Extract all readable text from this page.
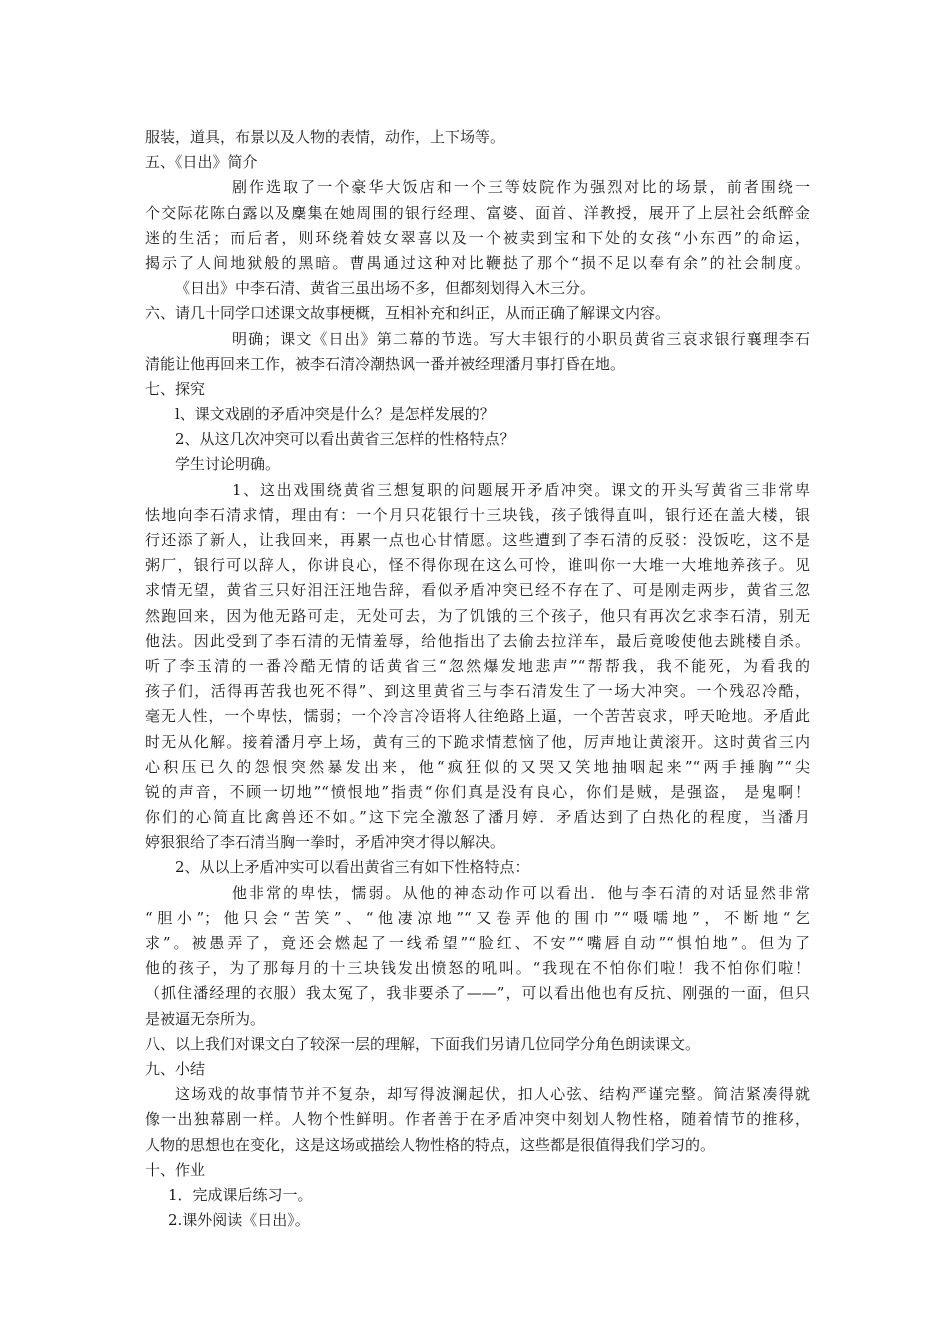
服装，道具，布景以及人物的表情，动作，上下场等。
五、《日出》简介
剧作选取了一个豪华大饭店和一个三等妓院作为强烈对比的场景，前者围绕一
个交际花陈白露以及麇集在她周围的银行经理、富婆、面首、洋教授，展开了上层社会纸醉金
迷的生活；而后者，则环绕着妓女翠喜以及一个被卖到宝和下处的女孩“小东西”的命运，
揭示了人间地狱般的黑暗。曹禺通过这种对比鞭挞了那个“损不足以奉有余”的社会制度。
《日出》中李石清、黄省三虽出场不多，但都刻划得入木三分。
六、请几十同学口述课文故事梗概，互相补充和纠正，从而正确了解课文内容。
明确；课文《日出》第二幕的节选。写大丰银行的小职员黄省三哀求银行襄理李石
清能让他再回来工作，被李石清冷潮热讽一番并被经理潘月事打昏在地。
七、探究
l、课文戏剧的矛盾冲突是什么？是怎样发展的？
2、从这几次冲突可以看出黄省三怎样的性格特点？
学生讨论明确。
1、这出戏围绕黄省三想复职的问题展开矛盾冲突。课文的开头写黄省三非常卑
怯地向李石清求情，理由有：一个月只花银行十三块钱，孩子饿得直叫，银行还在盖大楼，银
行还添了新人，让我回来，再累一点也心甘情愿。这些遭到了李石清的反驳：没饭吃，这不是
粥厂，银行可以辞人，你讲良心，怪不得你现在这么可怜，谁叫你一大堆一大堆地养孩子。见
求情无望，黄省三只好泪汪汪地告辞，看似矛盾冲突已经不存在了、可是刚走两步，黄省三忽
然跑回来，因为他无路可走，无处可去，为了饥饿的三个孩子，他只有再次乞求李石清，别无
他法。因此受到了李石清的无情羞辱，给他指出了去偷去拉洋车，最后竟唆使他去跳楼自杀。
听了李玉清的一番冷酷无情的话黄省三“忽然爆发地悲声”“帮帮我，我不能死，为看我的
孩子们，活得再苦我也死不得”、到这里黄省三与李石清发生了一场大冲突。一个残忍冷酷，
毫无人性，一个卑怯，懦弱；一个冷言冷语将人往绝路上逼，一个苦苦哀求，呼天呛地。矛盾此
时无从化解。接着潘月亭上场，黄有三的下跪求情惹恼了他，厉声地让黄滚开。这时黄省三内
心积压已久的怨恨突然暴发出来，他“疯狂似的又哭又笑地抽咽起来”“两手捶胸”“尖
锐的声音，不顾一切地”“愤恨地”指责“你们真是没有良心，你们是贼，是强盗， 是鬼啊！
你们的心简直比禽兽还不如。”这下完全激怒了潘月婷．矛盾达到了白热化的程度，当潘月
婷狠狠给了李石清当胸一拳时，矛盾冲突才得以解决。
2、从以上矛盾冲实可以看出黄省三有如下性格特点：
他非常的卑怯，懦弱。从他的神态动作可以看出．他与李石清的对话显然非常
“胆小”；他只会“苦笑”、“他凄凉地”“又卷弄他的围巾”“嗫嚅地”，不断地“乞
求”。被愚弄了，竟还会燃起了一线希望”“脸红、不安”“嘴唇自动”“惧怕地”。但为了
他的孩子，为了那每月的十三块钱发出愤怒的吼叫。“我现在不怕你们啦！我不怕你们啦！
（抓住潘经理的衣服）我太冤了，我非要杀了——”，可以看出他也有反抗、刚强的一面，但只
是被逼无奈所为。
八、以上我们对课文白了较深一层的理解，下面我们另请几位同学分角色朗读课文。
九、小结
这场戏的故事情节并不复杂，却写得波澜起伏，扣人心弦、结构严谨完整。简洁紧凑得就
像一出独幕剧一样。人物个性鲜明。作者善于在矛盾冲突中刻划人物性格，随着情节的推移，
人物的思想也在变化，这是这场或描绘人物性格的特点，这些都是很值得我们学习的。
十、作业
1．完成课后练习一。
2.课外阅读《日出》。
